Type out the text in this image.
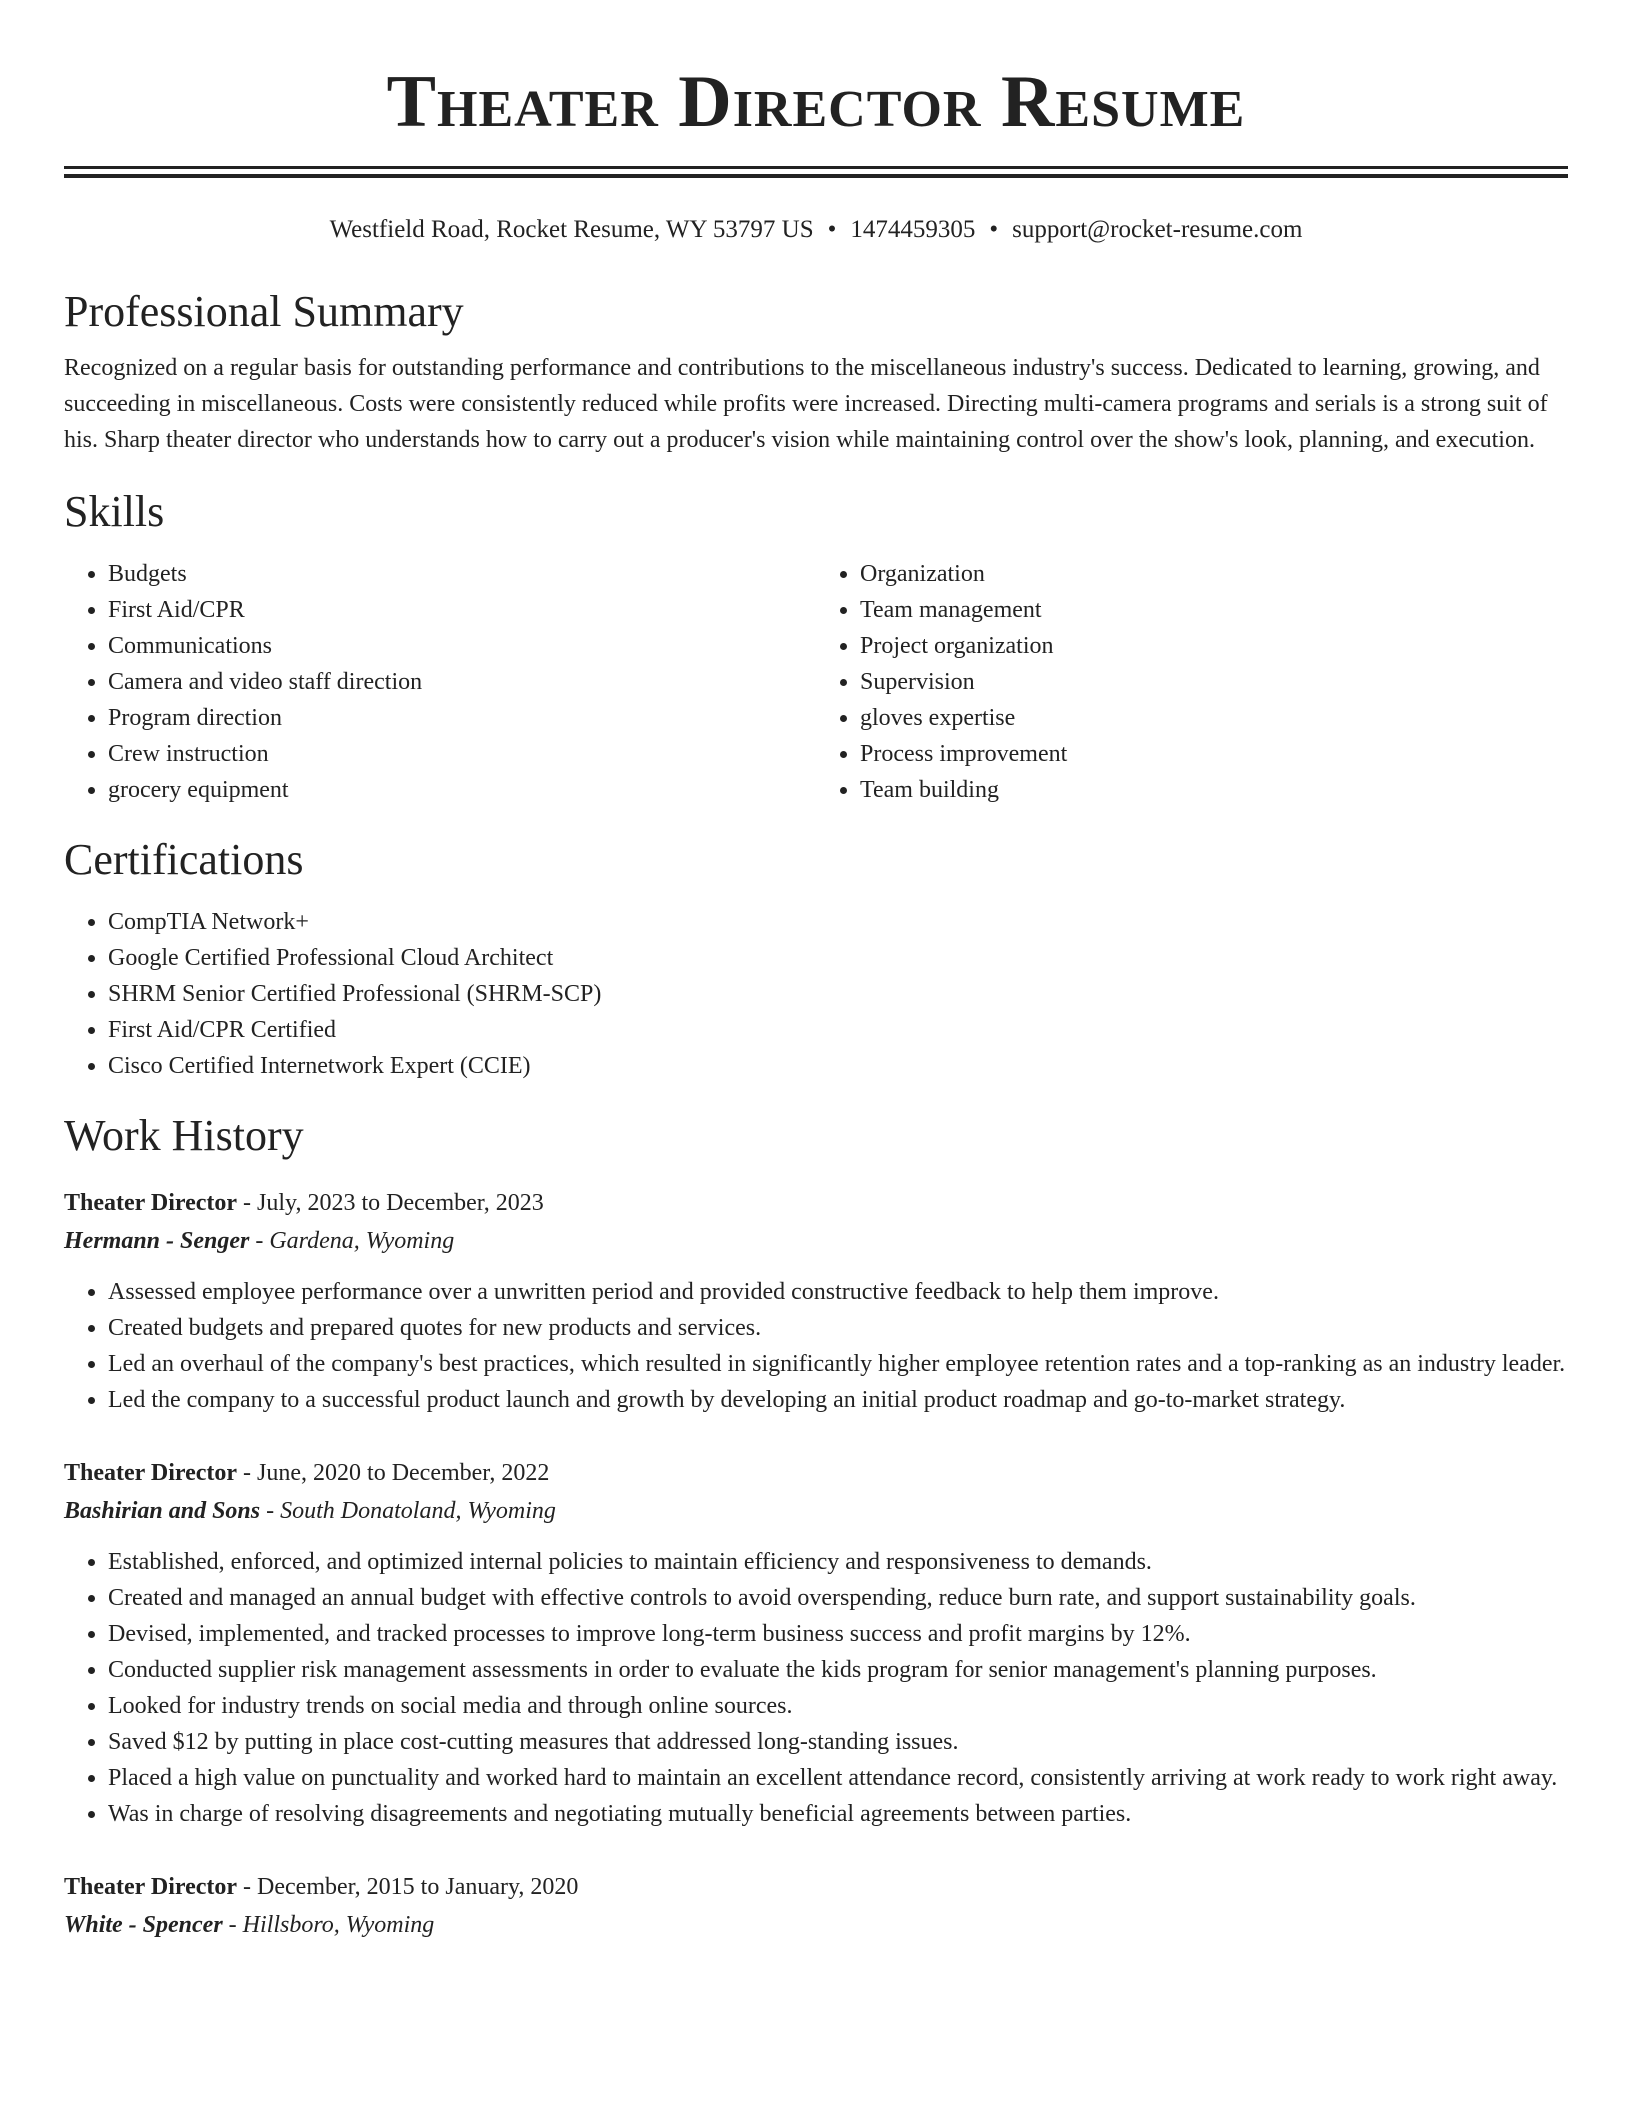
Theater Director Resume
Westfield Road, Rocket Resume, WY 53797 US • 1474459305 • support@rocket-resume.com
Professional Summary

Recognized on a regular basis for outstanding performance and contributions to the miscellaneous industry's success. Dedicated to learning, growing, and succeeding in miscellaneous. Costs were consistently reduced while profits were increased. Directing multi-camera programs and serials is a strong suit of his. Sharp theater director who understands how to carry out a producer's vision while maintaining control over the show's look, planning, and execution.

Skills
• Budgets
• First Aid/CPR
• Communications
• Camera and video staff direction
• Program direction
• Crew instruction
• grocery equipment
• Organization
• Team management
• Project organization
• Supervision
• gloves expertise
• Process improvement
• Team building
Certifications
• CompTIA Network+
• Google Certified Professional Cloud Architect
• SHRM Senior Certified Professional (SHRM-SCP)
• First Aid/CPR Certified
• Cisco Certified Internetwork Expert (CCIE)
Work History
Theater Director - July, 2023 to December, 2023
Hermann - Senger - Gardena, Wyoming
• Assessed employee performance over a unwritten period and provided constructive feedback to help them improve.
• Created budgets and prepared quotes for new products and services.
• Led an overhaul of the company's best practices, which resulted in significantly higher employee retention rates and a top-ranking as an industry leader.
• Led the company to a successful product launch and growth by developing an initial product roadmap and go-to-market strategy.
Theater Director - June, 2020 to December, 2022
Bashirian and Sons - South Donatoland, Wyoming
• Established, enforced, and optimized internal policies to maintain efficiency and responsiveness to demands.
• Created and managed an annual budget with effective controls to avoid overspending, reduce burn rate, and support sustainability goals.
• Devised, implemented, and tracked processes to improve long-term business success and profit margins by 12%.
• Conducted supplier risk management assessments in order to evaluate the kids program for senior management's planning purposes.
• Looked for industry trends on social media and through online sources.
• Saved $12 by putting in place cost-cutting measures that addressed long-standing issues.
• Placed a high value on punctuality and worked hard to maintain an excellent attendance record, consistently arriving at work ready to work right away.
• Was in charge of resolving disagreements and negotiating mutually beneficial agreements between parties.
Theater Director - December, 2015 to January, 2020
White - Spencer - Hillsboro, Wyoming
